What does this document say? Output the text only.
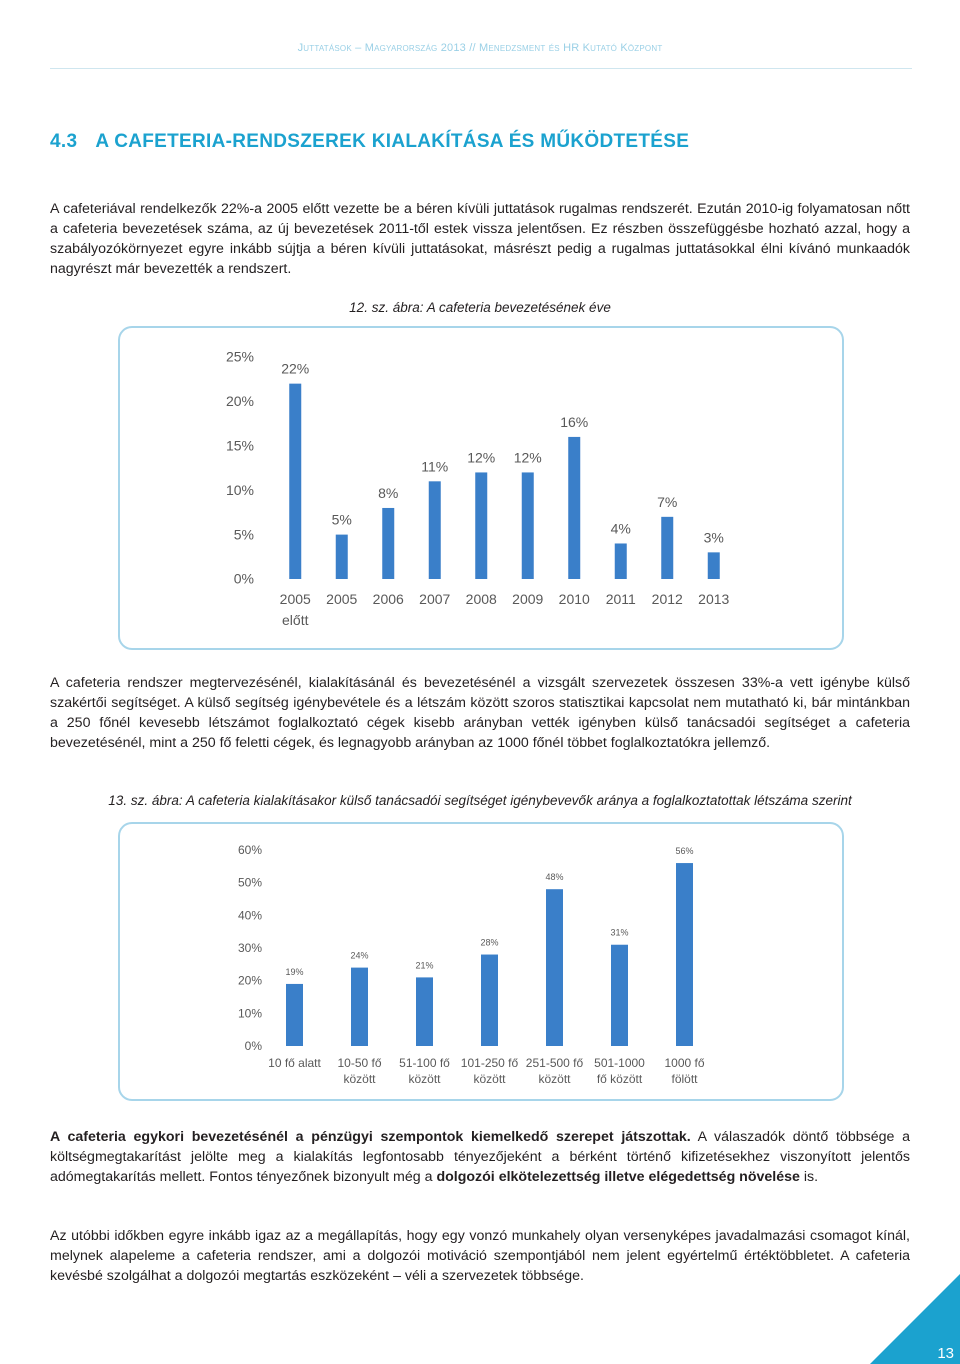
Juttatások – Magyarország 2013 // Menedzsment és HR Kutató Központ
4.3 A CAFETERIA-RENDSZEREK KIALAKÍTÁSA ÉS MŰKÖDTETÉSE
A cafeteriával rendelkezők 22%-a 2005 előtt vezette be a béren kívüli juttatások rugalmas rendszerét. Ezután 2010-ig folyamatosan nőtt a cafeteria bevezetések száma, az új bevezetések 2011-től estek vissza jelentősen. Ez részben összefüggésbe hozható azzal, hogy a szabályozókörnyezet egyre inkább sújtja a béren kívüli juttatásokat, másrészt pedig a rugalmas juttatásokkal élni kívánó munkaadók nagyrészt már bevezették a rendszert.
12. sz. ábra: A cafeteria bevezetésének éve
0%
5%
10%
15%
20%
25%
22%
2005
előtt
5%
2005
8%
2006
11%
2007
12%
2008
12%
2009
16%
2010
4%
2011
7%
2012
3%
2013
A cafeteria rendszer megtervezésénél, kialakításánál és bevezetésénél a vizsgált szervezetek összesen 33%-a vett igénybe külső szakértői segítséget. A külső segítség igénybevétele és a létszám között szoros statisztikai kapcsolat nem mutatható ki, bár mintánkban a 250 főnél kevesebb létszámot foglalkoztató cégek kisebb arányban vették igényben külső tanácsadói segítséget a cafeteria bevezetésénél, mint a 250 fő feletti cégek, és legnagyobb arányban az 1000 főnél többet foglalkoztatókra jellemző.
13. sz. ábra: A cafeteria kialakításakor külső tanácsadói segítséget igénybevevők aránya a foglalkoztatottak létszáma szerint
0%
10%
20%
30%
40%
50%
60%
19%
10 fő alatt
24%
10-50 fő
között
21%
51-100 fő
között
28%
101-250 fő
között
48%
251-500 fő
között
31%
501-1000
fő között
56%
1000 fő
fölött
A cafeteria egykori bevezetésénél a pénzügyi szempontok kiemelkedő szerepet játszottak. A válaszadók döntő többsége a költségmegtakarítást jelölte meg a kialakítás legfontosabb tényezőjeként a bérként történő kifizetésekhez viszonyított jelentős adómegtakarítás mellett. Fontos tényezőnek bizonyult még a dolgozói elkötelezettség illetve elégedettség növelése is.
Az utóbbi időkben egyre inkább igaz az a megállapítás, hogy egy vonzó munkahely olyan versenyképes javadalmazási csomagot kínál, melynek alapeleme a cafeteria rendszer, ami a dolgozói motiváció szempontjából nem jelent egyértelmű értéktöbbletet. A cafeteria kevésbé szolgálhat a dolgozói megtartás eszközeként – véli a szervezetek többsége.
13
